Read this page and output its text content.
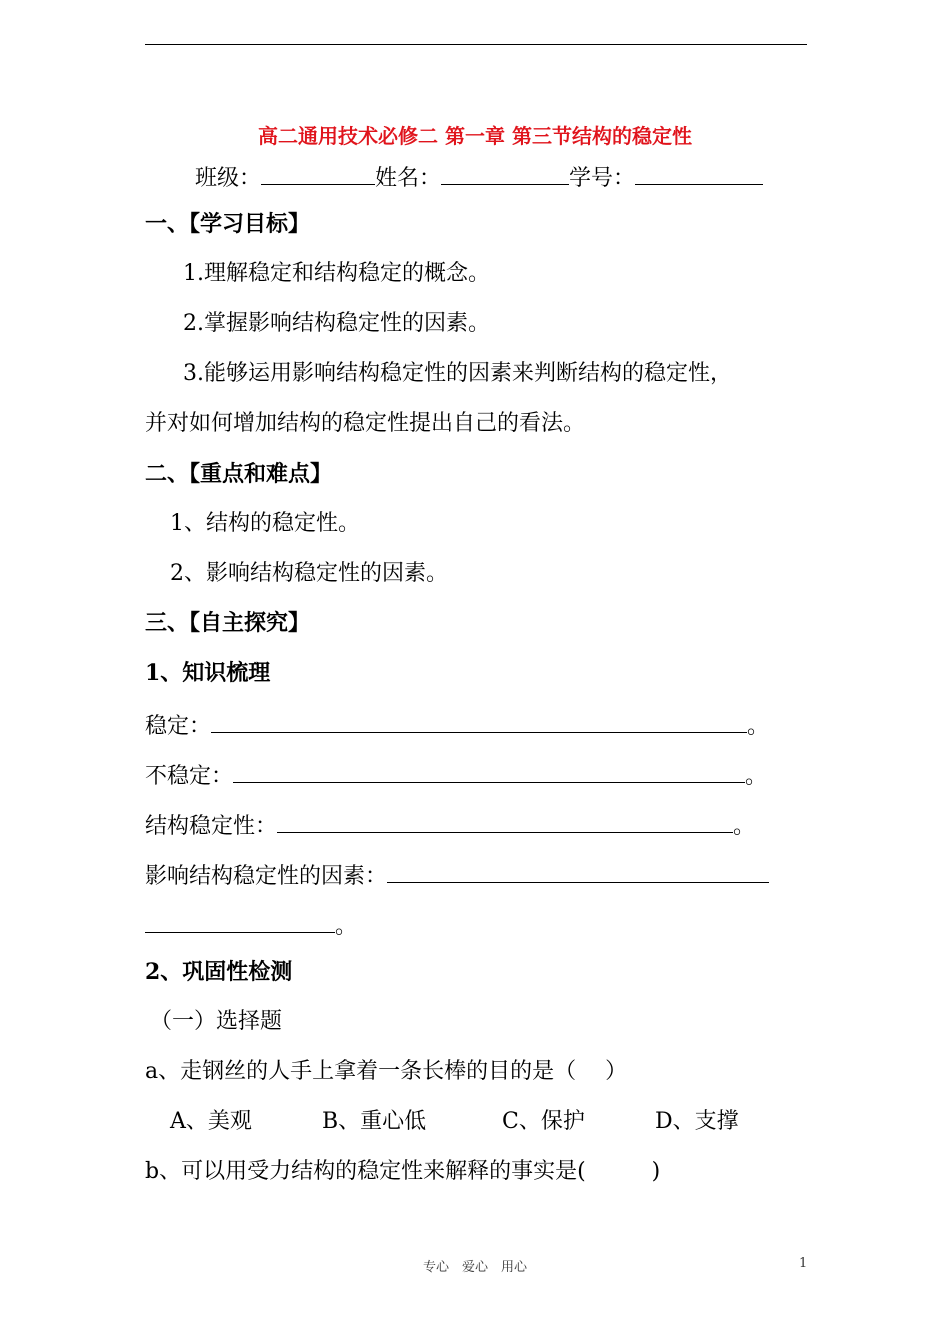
高二通用技术必修二 第一章 第三节结构的稳定性
班级：	姓名：	学号：
一、【学习目标】
1.理解稳定和结构稳定的概念。
2.掌握影响结构稳定性的因素。
3.能够运用影响结构稳定性的因素来判断结构的稳定性，
并对如何增加结构的稳定性提出自己的看法。
二、【重点和难点】
1、结构的稳定性。
2、影响结构稳定性的因素。
三、【自主探究】
1、知识梳理
稳定：	。
不稳定：	。
结构稳定性：	。
影响结构稳定性的因素：
。
2、巩固性检测
（一）选择题
a、走钢丝的人手上拿着一条长棒的目的是（　 ）
A、美观	B、重心低	C、保护	D、支撑
b、可以用受力结构的稳定性来解释的事实是(　　　)
专心　爱心　用心	1
